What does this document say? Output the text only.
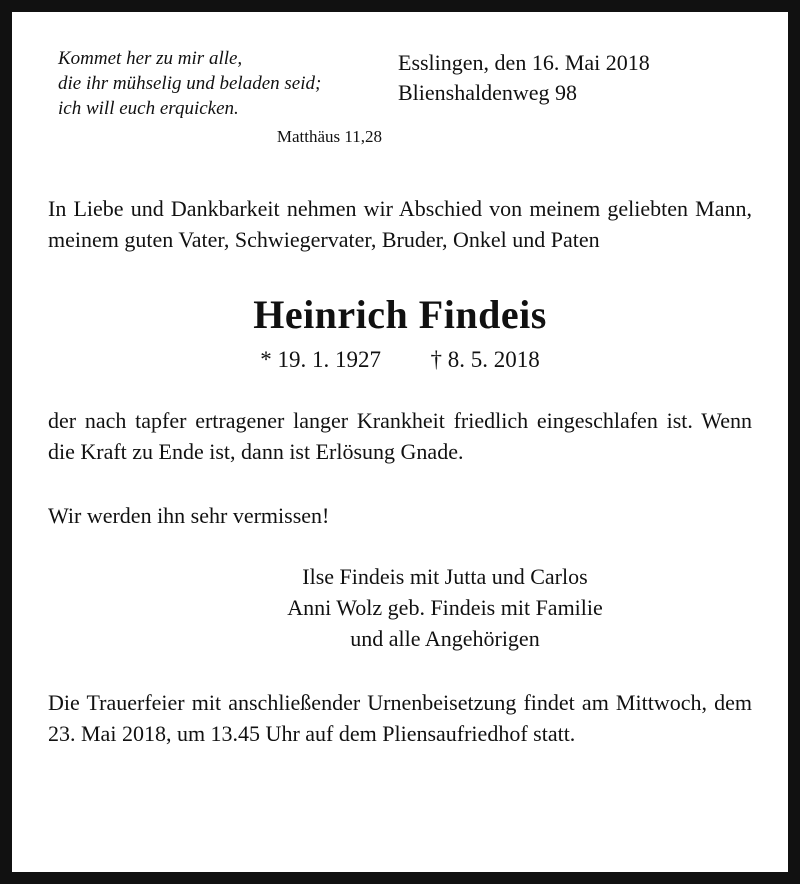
Kommet her zu mir alle,
die ihr mühselig und beladen seid;
ich will euch erquicken.
Matthäus 11,28
Esslingen, den 16. Mai 2018
Blienshaldenweg 98

In Liebe und Dankbarkeit nehmen wir Abschied von meinem geliebten Mann, meinem guten Vater, Schwiegervater, Bruder, Onkel und Paten

Heinrich Findeis
* 19. 1. 1927 † 8. 5. 2018

der nach tapfer ertragener langer Krankheit friedlich eingeschlafen ist. Wenn die Kraft zu Ende ist, dann ist Erlösung Gnade.

Wir werden ihn sehr vermissen!

Ilse Findeis mit Jutta und Carlos
Anni Wolz geb. Findeis mit Familie
und alle Angehörigen

Die Trauerfeier mit anschließender Urnenbeisetzung findet am Mittwoch, dem 23. Mai 2018, um 13.45 Uhr auf dem Pliensaufriedhof statt.
